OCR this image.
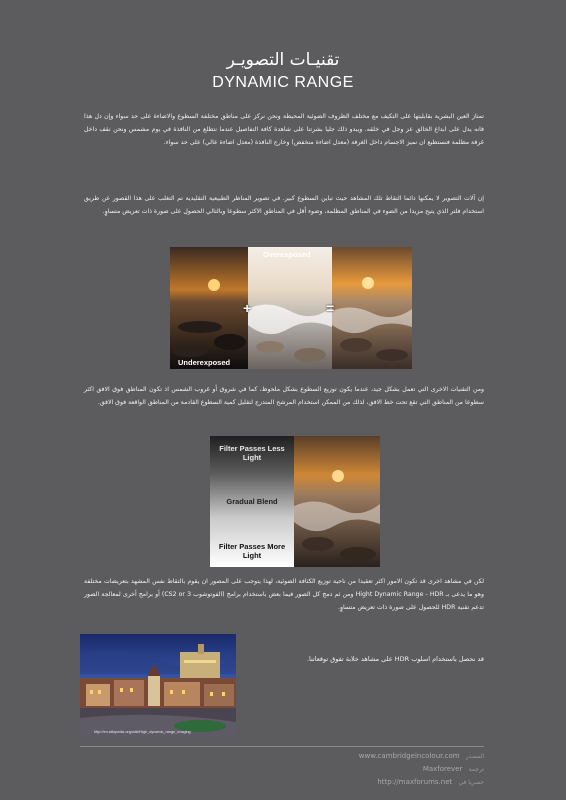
تقنيـات التصويـر
DYNAMIC RANGE
تمتاز العين البشرية بقابليتها على التكيف مع مختلف الظروف الضوئية المحيطة ونحن نركز على مناطق مختلفة السطوع والاضاءة على حد سواء وإن دل هذا فانه يدل على ابداع الخالق عز وجل في خلقه. ويبدو ذلك جليا بشرتنا على شاهدة كافة التفاصيل عندما نتطلع من النافذة في يوم مشمس ونحن نقف داخل غرفة مظلمة فنستطيع ان نميز الاجسام داخل الغرفة (معدل اضاءة منخفض) وخارج النافذة (معدل اضاءة عالي) على حد سواء.
إن آلات التصوير لا يمكنها دائما التقاط تلك المشاهد حيث تباين السطوع كبير. في تصوير المناظر الطبيعية التقليدية تم التغلب على هذا القصور عن طريق استخدام فلتر الذي يتيح مزيدا من الضوء في المناطق المظلمة، وضوء أقل في المناطق الاكثر سطوعا وبالتالي الحصول على صورة ذات تعريض متساوٍ.
Overexposed
Underexposed
+	=
ومن التقنيات الاخرى التي تعمل بشكل جيد، عندما يكون توزيع السطوع بشكل ملحوظ، كما في شروق أو غروب الشمس اذ تكون المناطق فوق الافق اكثر سطوعا من المناطق التي تقع تحت خط الافق، لذلك من الممكن استخدام المرشح المتدرج لتقليل كمية السطوع القادمة من المناطق الواقعة فوق الافق.
Filter Passes Less Light
Gradual Blend
Filter Passes More Light
لكن في مشاهد اخرى قد تكون الامور اكثر تعقيدا من ناحية توزيع الكثافة الضوئية، لهذا يتوجب على المصور ان يقوم بالتقاط نفس المشهد بتعريضات مختلفة وهو ما يدعى بـ Hight Dynamic Range - HDR ومن ثم دمج كل الصور فيما بعض باستخدام برامج (الفوتوشوب CS2 or 3) أو برامج أخرى لمعالجة الصور تدعم تقنية HDR للحصول على صورة ذات تعريض متساوٍ.
http://en.wikipedia.org/wiki/High_dynamic_range_imaging
قد نحصل باستخدام اسلوب HDR على مشاهد خلابة تفوق توقعاتنا.
www.cambridgeincolour.com المصدر
Maxforever ترجمة
http://maxforums.net حصريا في
